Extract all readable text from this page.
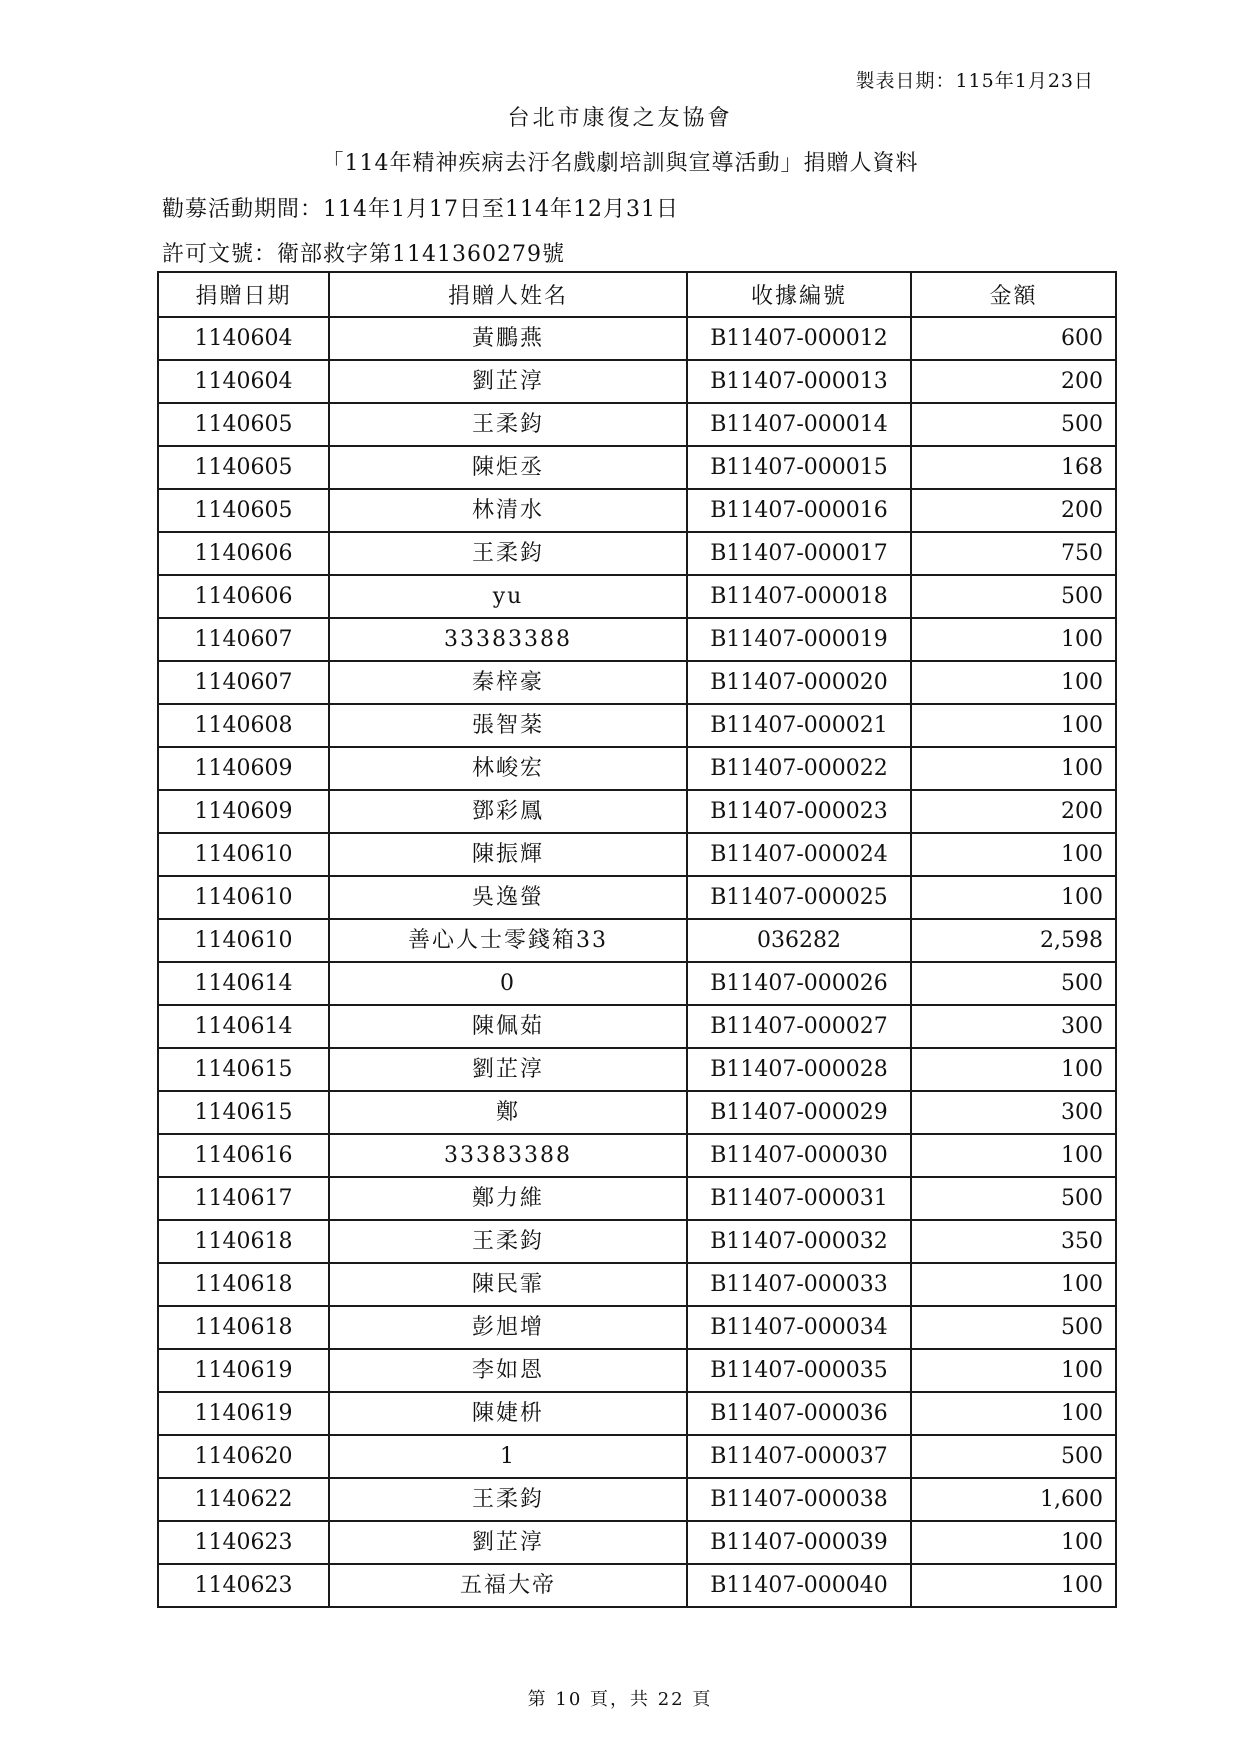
製表日期：115年1月23日
台北市康復之友協會
「114年精神疾病去汙名戲劇培訓與宣導活動」捐贈人資料
勸募活動期間：114年1月17日至114年12月31日
許可文號：衛部救字第1141360279號
捐贈日期	捐贈人姓名	收據編號	金額
1140604	黃鵬燕	B11407-000012	600
1140604	劉芷淳	B11407-000013	200
1140605	王柔鈞	B11407-000014	500
1140605	陳炬丞	B11407-000015	168
1140605	林清水	B11407-000016	200
1140606	王柔鈞	B11407-000017	750
1140606	yu	B11407-000018	500
1140607	33383388	B11407-000019	100
1140607	秦梓豪	B11407-000020	100
1140608	張智棻	B11407-000021	100
1140609	林峻宏	B11407-000022	100
1140609	鄧彩鳳	B11407-000023	200
1140610	陳振輝	B11407-000024	100
1140610	吳逸螢	B11407-000025	100
1140610	善心人士零錢箱33	036282	2,598
1140614	0	B11407-000026	500
1140614	陳佩茹	B11407-000027	300
1140615	劉芷淳	B11407-000028	100
1140615	鄭	B11407-000029	300
1140616	33383388	B11407-000030	100
1140617	鄭力維	B11407-000031	500
1140618	王柔鈞	B11407-000032	350
1140618	陳民霏	B11407-000033	100
1140618	彭旭增	B11407-000034	500
1140619	李如恩	B11407-000035	100
1140619	陳婕枡	B11407-000036	100
1140620	1	B11407-000037	500
1140622	王柔鈞	B11407-000038	1,600
1140623	劉芷淳	B11407-000039	100
1140623	五福大帝	B11407-000040	100
第 10 頁，共 22 頁
